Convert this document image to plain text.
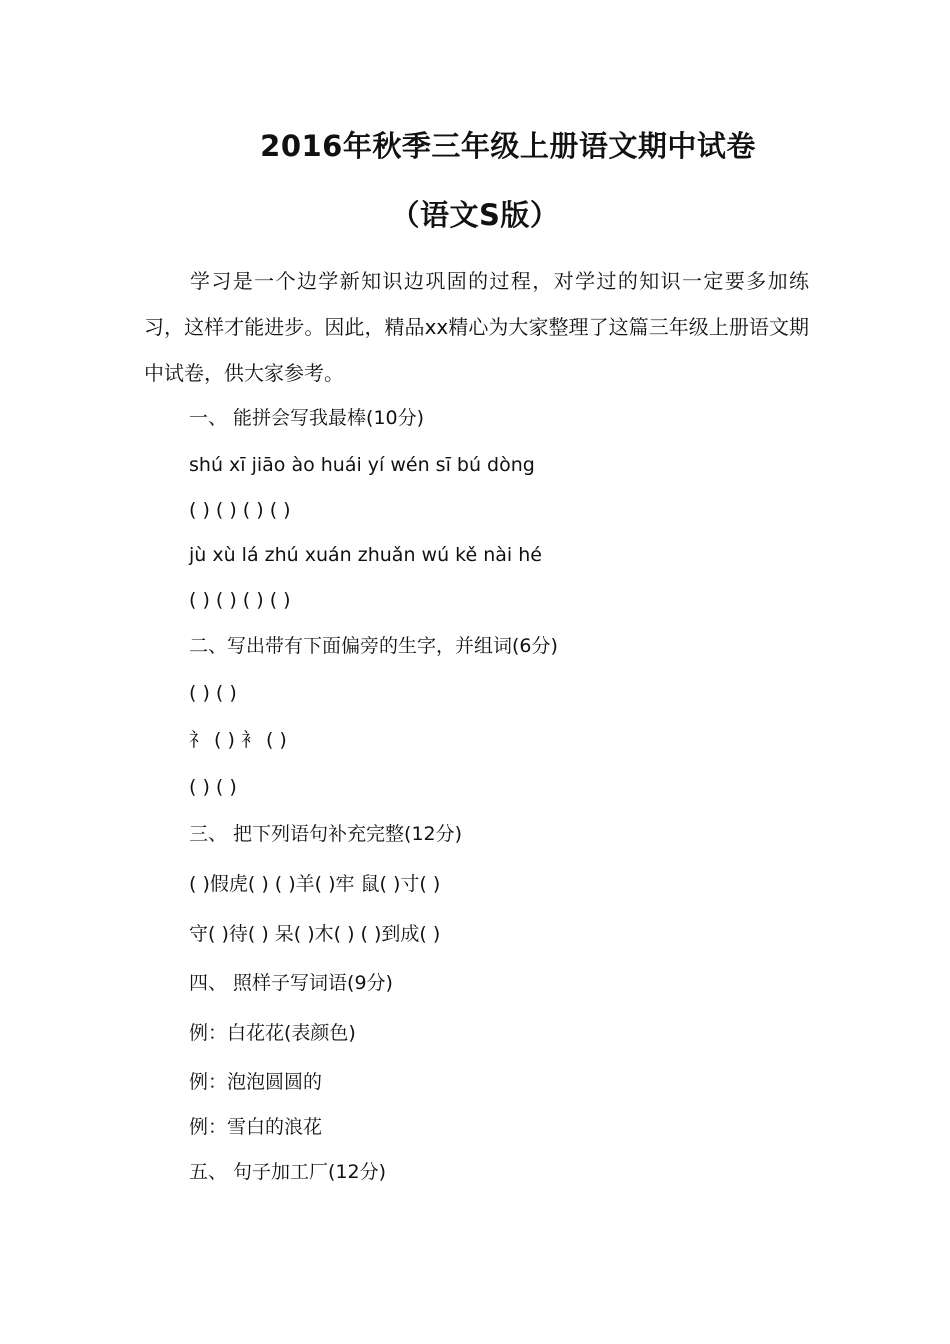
2016年秋季三年级上册语文期中试卷
（语文S版）
学习是一个边学新知识边巩固的过程，对学过的知识一定要多加练习，这样才能进步。因此，精品xx精心为大家整理了这篇三年级上册语文期中试卷，供大家参考。
一、 能拼会写我最棒(10分)
shú xī jiāo ào huái yí wén sī bú dòng
( ) ( ) ( ) ( )
jù xù lá zhú xuán zhuǎn wú kě nài hé
( ) ( ) ( ) ( )
二、写出带有下面偏旁的生字，并组词(6分)
( ) ( )
礻 ( ) 衤 ( )
( ) ( )
三、 把下列语句补充完整(12分)
( )假虎( ) ( )羊( )牢 鼠( )寸( )
守( )待( ) 呆( )木( ) ( )到成( )
四、 照样子写词语(9分)
例：白花花(表颜色)
例：泡泡圆圆的
例：雪白的浪花
五、 句子加工厂(12分)
